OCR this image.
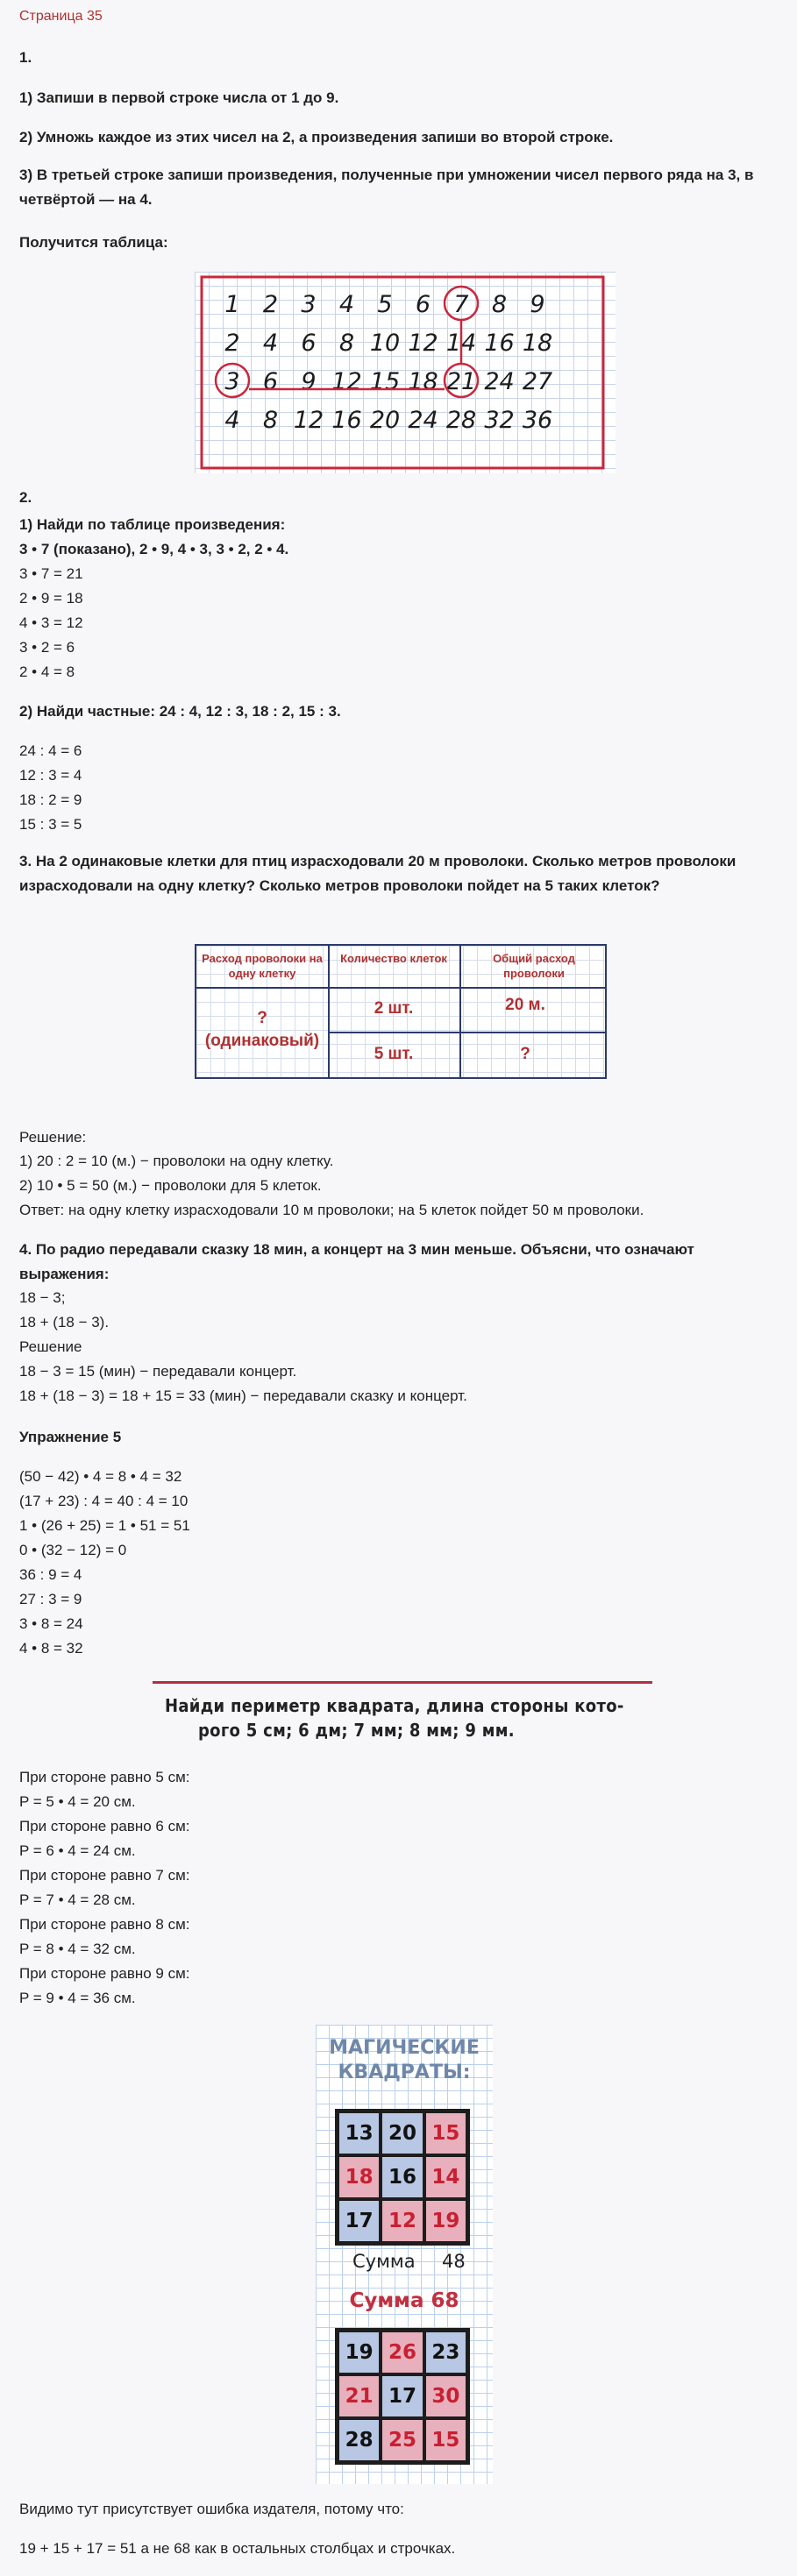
Страница 35
1.
1) Запиши в первой строке числа от 1 до 9.
2) Умножь каждое из этих чисел на 2, а произведения запиши во второй строке.
3) В третьей строке запиши произведения, полученные при умножении чисел первого ряда на 3, в четвёртой — на 4.
Получится таблица:
1 2 3 4 5 6 7 8 9
2 4 6 8 10 12 14 16 18
3 6 9 12 15 18 21 24 27
4 8 12 16 20 24 28 32 36
2.
1) Найди по таблице произведения:
3 • 7 (показано), 2 • 9, 4 • 3, 3 • 2, 2 • 4.
3 • 7 = 21
2 • 9 = 18
4 • 3 = 12
3 • 2 = 6
2 • 4 = 8
2) Найди частные: 24 : 4, 12 : 3, 18 : 2, 15 : 3.
24 : 4 = 6
12 : 3 = 4
18 : 2 = 9
15 : 3 = 5
3. На 2 одинаковые клетки для птиц израсходовали 20 м проволоки. Сколько метров проволоки израсходовали на одну клетку? Сколько метров проволоки пойдет на 5 таких клеток?
Расход проволоки на одну клетку
Количество клеток	Общий расход проволоки
?
(одинаковый)
2 шт.	20 м.
5 шт.	?
Решение:
1) 20 : 2 = 10 (м.) − проволоки на одну клетку.
2) 10 • 5 = 50 (м.) − проволоки для 5 клеток.
Ответ: на одну клетку израсходовали 10 м проволоки; на 5 клеток пойдет 50 м проволоки.
4. По радио передавали сказку 18 мин, а концерт на 3 мин меньше. Объясни, что означают выражения:
18 − 3;
18 + (18 − 3).
Решение
18 − 3 = 15 (мин) − передавали концерт.
18 + (18 − 3) = 18 + 15 = 33 (мин) − передавали сказку и концерт.
Упражнение 5
(50 − 42) • 4 = 8 • 4 = 32
(17 + 23) : 4 = 40 : 4 = 10
1 • (26 + 25) = 1 • 51 = 51
0 • (32 − 12) = 0
36 : 9 = 4
27 : 3 = 9
3 • 8 = 24
4 • 8 = 32
Найди периметр квадрата, длина стороны кото-
рого 5 см; 6 дм; 7 мм; 8 мм; 9 мм.
При стороне равно 5 см:
P = 5 • 4 = 20 см.
При стороне равно 6 см:
P = 6 • 4 = 24 см.
При стороне равно 7 см:
P = 7 • 4 = 28 см.
При стороне равно 8 см:
P = 8 • 4 = 32 см.
При стороне равно 9 см:
P = 9 • 4 = 36 см.
МАГИЧЕСКИЕ
КВАДРАТЫ:
13 20 15
18 16 14
17 12 19
Сумма 48
Сумма 68
19 26 23
21 17 30
28 25 15
Видимо тут присутствует ошибка издателя, потому что:
19 + 15 + 17 = 51 а не 68 как в остальных столбцах и строчках.
